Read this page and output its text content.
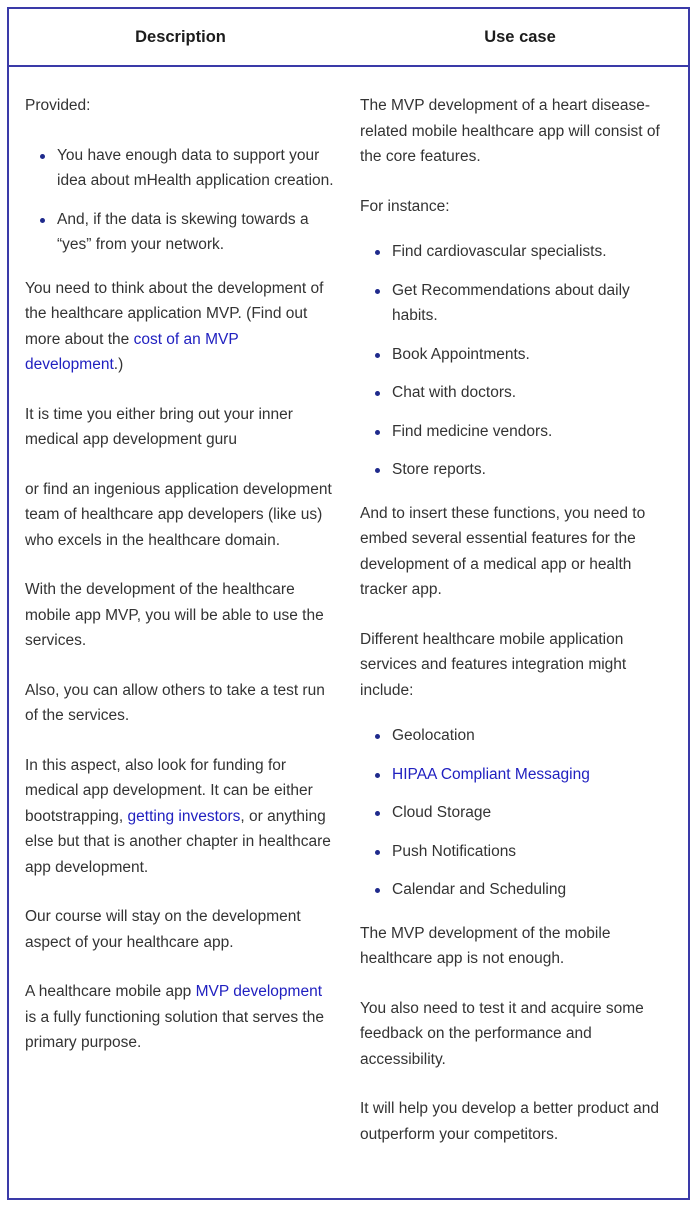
Description	Use case

Provided:

You have enough data to support your idea about mHealth application creation.
And, if the data is skewing towards a “yes” from your network.

You need to think about the development of the healthcare application MVP. (Find out more about the cost of an MVP development.)

It is time you either bring out your inner medical app development guru

or find an ingenious application development team of healthcare app developers (like us) who excels in the healthcare domain.

With the development of the healthcare mobile app MVP, you will be able to use the services.

Also, you can allow others to take a test run of the services.

In this aspect, also look for funding for medical app development. It can be either bootstrapping, getting investors, or anything else but that is another chapter in healthcare app development.

Our course will stay on the development aspect of your healthcare app.

A healthcare mobile app MVP development is a fully functioning solution that serves the primary purpose.

The MVP development of a heart disease-related mobile healthcare app will consist of the core features.

For instance:

Find cardiovascular specialists.
Get Recommendations about daily habits.
Book Appointments.
Chat with doctors.
Find medicine vendors.
Store reports.

And to insert these functions, you need to embed several essential features for the development of a medical app or health tracker app.

Different healthcare mobile application services and features integration might include:

Geolocation
HIPAA Compliant Messaging
Cloud Storage
Push Notifications
Calendar and Scheduling

The MVP development of the mobile healthcare app is not enough.

You also need to test it and acquire some feedback on the performance and accessibility.

It will help you develop a better product and outperform your competitors.
